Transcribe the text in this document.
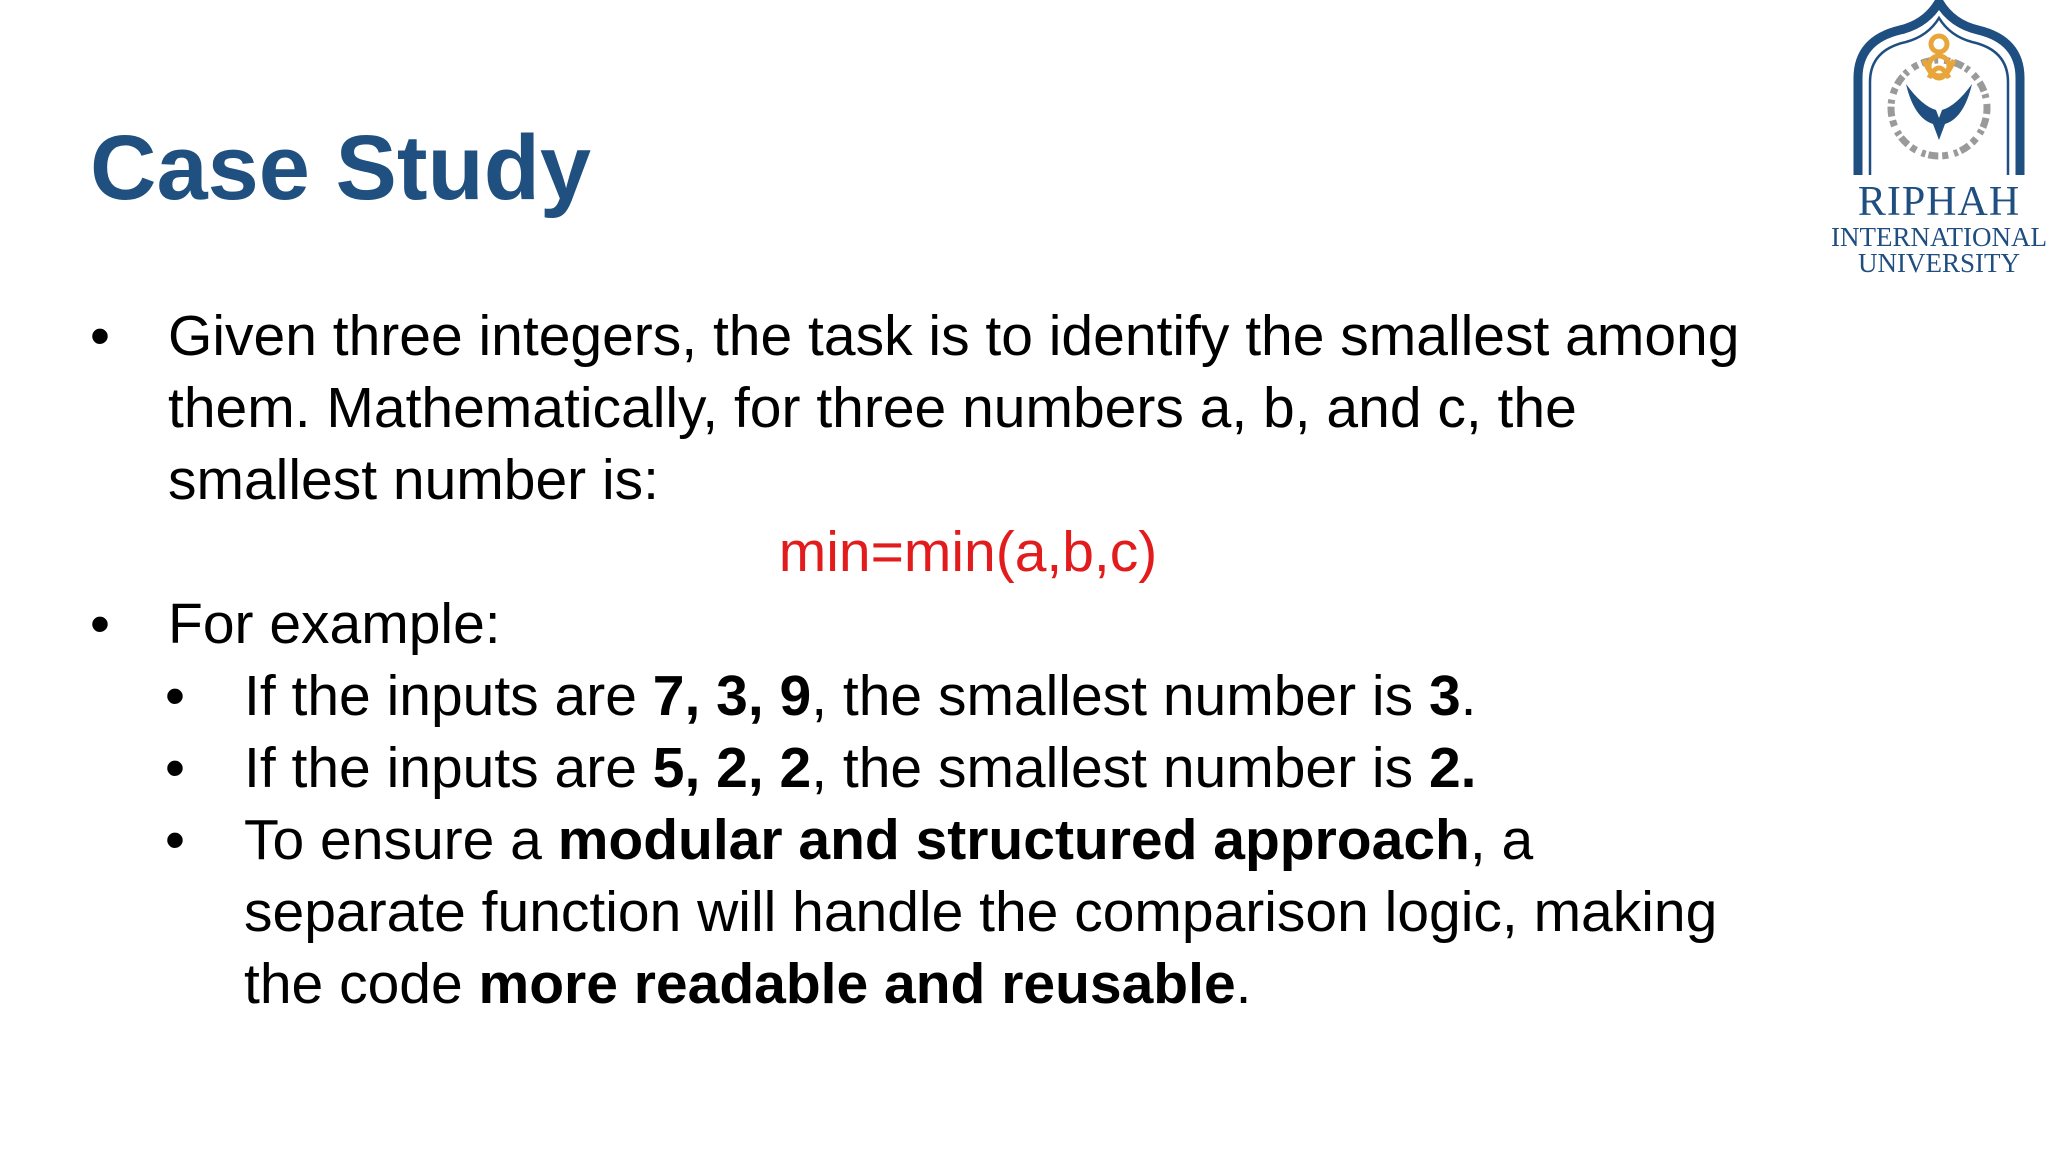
Case Study	RIPHAH
INTERNATIONAL
UNIVERSITY
• Given three integers, the task is to identify the smallest among
them. Mathematically, for three numbers a, b, and c, the
smallest number is:
min=min(a,b,c)
•	For example:
•	If the inputs are 7, 3, 9, the smallest number is 3.
•	If the inputs are 5, 2, 2, the smallest number is 2.
• To ensure a modular and structured approach, a
separate function will handle the comparison logic, making
the code more readable and reusable.
